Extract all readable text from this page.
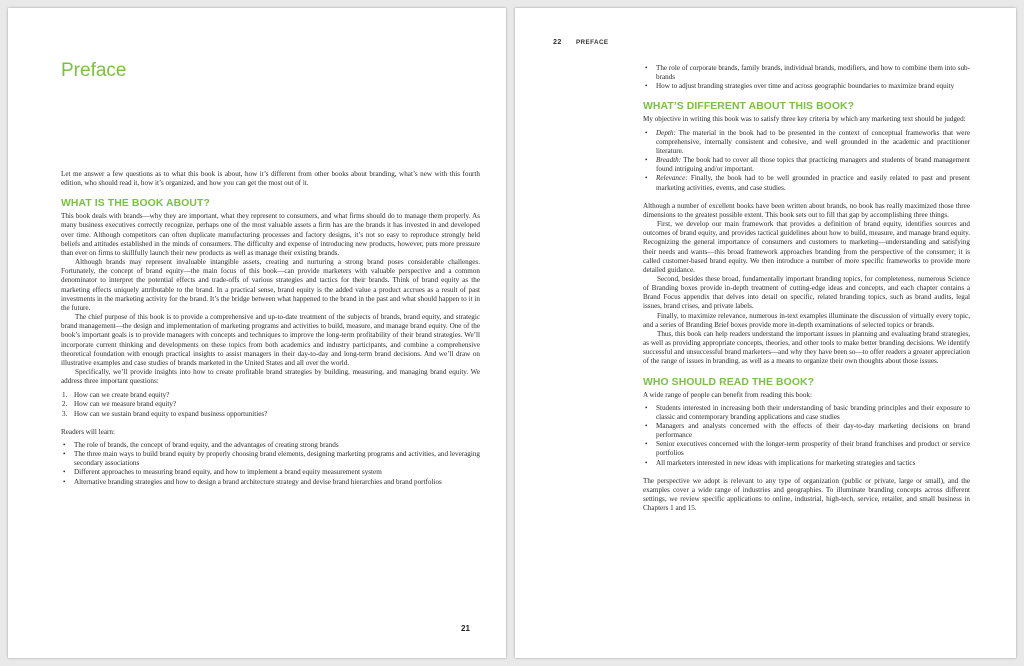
Preface

Let me answer a few questions as to what this book is about, how it’s different from other books about branding, what’s new with this fourth edition, who should read it, how it’s organized, and how you can get the most out of it.

WHAT IS THE BOOK ABOUT?

This book deals with brands—why they are important, what they represent to consumers, and what firms should do to manage them properly. As many business executives correctly recognize, perhaps one of the most valuable assets a firm has are the brands it has invested in and developed over time. Although competitors can often duplicate manufacturing processes and factory designs, it’s not so easy to reproduce strongly held beliefs and attitudes established in the minds of consumers. The difficulty and expense of introducing new products, however, puts more pressure than ever on firms to skillfully launch their new products as well as manage their existing brands.

Although brands may represent invaluable intangible assets, creating and nurturing a strong brand poses considerable challenges. Fortunately, the concept of brand equity—the main focus of this book—can provide marketers with valuable perspective and a common denominator to interpret the potential effects and trade-offs of various strategies and tactics for their brands. Think of brand equity as the marketing effects uniquely attributable to the brand. In a practical sense, brand equity is the added value a product accrues as a result of past investments in the marketing activity for the brand. It’s the bridge between what happened to the brand in the past and what should happen to it in the future.

The chief purpose of this book is to provide a comprehensive and up-to-date treatment of the subjects of brands, brand equity, and strategic brand management—the design and implementation of marketing programs and activities to build, measure, and manage brand equity. One of the book’s important goals is to provide managers with concepts and techniques to improve the long-term profitability of their brand strategies. We’ll incorporate current thinking and developments on these topics from both academics and industry participants, and combine a comprehensive theoretical foundation with enough practical insights to assist managers in their day-to-day and long-term brand decisions. And we’ll draw on illustrative examples and case studies of brands marketed in the United States and all over the world.

Specifically, we’ll provide insights into how to create profitable brand strategies by building, measuring, and managing brand equity. We address three important questions:

1. How can we create brand equity?
2. How can we measure brand equity?
3. How can we sustain brand equity to expand business opportunities?

Readers will learn:

• The role of brands, the concept of brand equity, and the advantages of creating strong brands
• The three main ways to build brand equity by properly choosing brand elements, designing marketing programs and activities, and leveraging secondary associations
• Different approaches to measuring brand equity, and how to implement a brand equity measurement system
• Alternative branding strategies and how to design a brand architecture strategy and devise brand hierarchies and brand portfolios
21
22 PREFACE
• The role of corporate brands, family brands, individual brands, modifiers, and how to combine them into sub-brands
• How to adjust branding strategies over time and across geographic boundaries to maximize brand equity
WHAT’S DIFFERENT ABOUT THIS BOOK?

My objective in writing this book was to satisfy three key criteria by which any marketing text should be judged:

• Depth: The material in the book had to be presented in the context of conceptual frameworks that were comprehensive, internally consistent and cohesive, and well grounded in the academic and practitioner literature.
• Breadth: The book had to cover all those topics that practicing managers and students of brand management found intriguing and/or important.
• Relevance: Finally, the book had to be well grounded in practice and easily related to past and present marketing activities, events, and case studies.

Although a number of excellent books have been written about brands, no book has really maximized those three dimensions to the greatest possible extent. This book sets out to fill that gap by accomplishing three things.

First, we develop our main framework that provides a definition of brand equity, identifies sources and outcomes of brand equity, and provides tactical guidelines about how to build, measure, and manage brand equity. Recognizing the general importance of consumers and customers to marketing—understanding and satisfying their needs and wants—this broad framework approaches branding from the perspective of the consumer; it is called customer-based brand equity. We then introduce a number of more specific frameworks to provide more detailed guidance.

Second, besides these broad, fundamentally important branding topics, for completeness, numerous Science of Branding boxes provide in-depth treatment of cutting-edge ideas and concepts, and each chapter contains a Brand Focus appendix that delves into detail on specific, related branding topics, such as brand audits, legal issues, brand crises, and private labels.

Finally, to maximize relevance, numerous in-text examples illuminate the discussion of virtually every topic, and a series of Branding Brief boxes provide more in-depth examinations of selected topics or brands.

Thus, this book can help readers understand the important issues in planning and evaluating brand strategies, as well as providing appropriate concepts, theories, and other tools to make better branding decisions. We identify successful and unsuccessful brand marketers—and why they have been so—to offer readers a greater appreciation of the range of issues in branding, as well as a means to organize their own thoughts about those issues.

WHO SHOULD READ THE BOOK?

A wide range of people can benefit from reading this book:

• Students interested in increasing both their understanding of basic branding principles and their exposure to classic and contemporary branding applications and case studies
• Managers and analysts concerned with the effects of their day-to-day marketing decisions on brand performance
• Senior executives concerned with the longer-term prosperity of their brand franchises and product or service portfolios
• All marketers interested in new ideas with implications for marketing strategies and tactics

The perspective we adopt is relevant to any type of organization (public or private, large or small), and the examples cover a wide range of industries and geographies. To illuminate branding concepts across different settings, we review specific applications to online, industrial, high-tech, service, retailer, and small business in Chapters 1 and 15.
